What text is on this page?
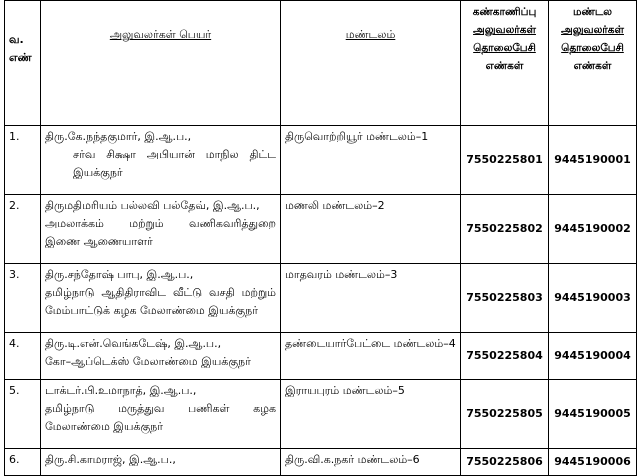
வ. எண்	அலுவலர்கள் பெயர்	மண்டலம்	கண்காணிப்பு
அலுவலர்கள்
தொலைபேசி
எண்கள்	மண்டல
அலுவலர்கள்
தொலைபேசி
எண்கள்

1.	திரு.கே.நந்தகுமார், இ.ஆ.ப.,
சர்வ சிக்ஷா அபியான் மாநில திட்ட
இயக்குநர்	திருவொற்றியூர் மண்டலம்–1	7550225801	9445190001
2.	திருமதிமரியம் பல்லவி பல்தேவ், இ.ஆ.ப.,
அமலாக்கம் மற்றும் வணிகவரித்துறை
இணை ஆணையாளர்	மணலி மண்டலம்–2	7550225802	9445190002
3.	திரு.சந்தோஷ் பாபு, இ.ஆ.ப.,
தமிழ்நாடு ஆதிதிராவிட வீட்டு வசதி மற்றும்
மேம்பாட்டுக் கழக மேலாண்மை இயக்குநர்	மாதவரம் மண்டலம்–3	7550225803	9445190003
4.	திரு.டி.என்.வெங்கடேஷ், இ.ஆ.ப.,
கோ–ஆப்டெக்ஸ் மேலாண்மை இயக்குநர்	தண்டையார்பேட்டை மண்டலம்–4	7550225804	9445190004
5.	டாக்டர்.பி.உமாநாத், இ.ஆ.ப.,
தமிழ்நாடு மருத்துவ பணிகள் கழக
மேலாண்மை இயக்குநர்	இராயபுரம் மண்டலம்–5	7550225805	9445190005
6.	திரு.சி.காமராஜ், இ.ஆ.ப.,	திரு.வி.க.நகர் மண்டலம்–6	7550225806	9445190006
